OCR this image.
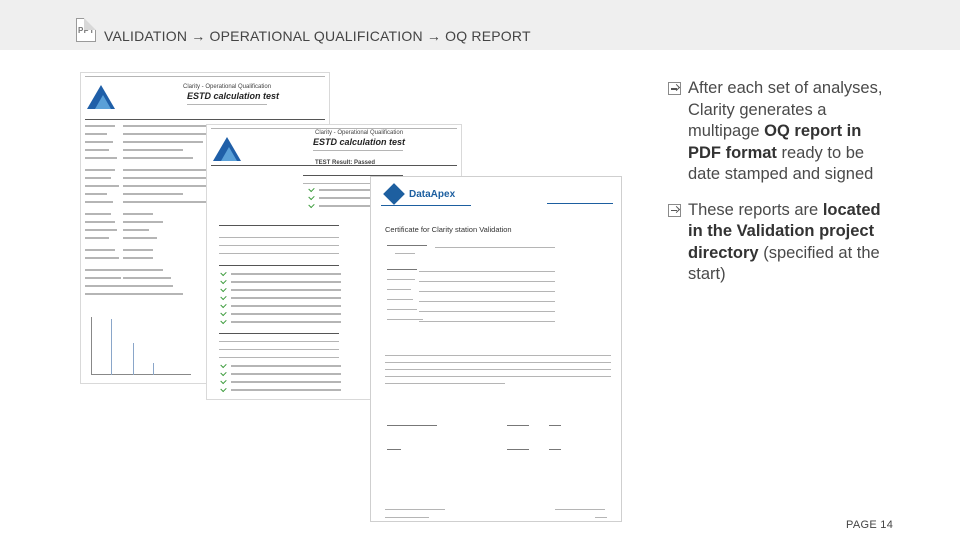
PPT VALIDATION → OPERATIONAL QUALIFICATION → OQ REPORT
Clarity - Operational Qualification
ESTD calculation test
Clarity - Operational Qualification
ESTD calculation test
TEST Result: Passed
DataApex
Certificate for Clarity station Validation
After each set of analyses, Clarity generates a multipage OQ report in PDF format ready to be date stamped and signed
These reports are located in the Validation project directory (specified at the start)
PAGE 14
